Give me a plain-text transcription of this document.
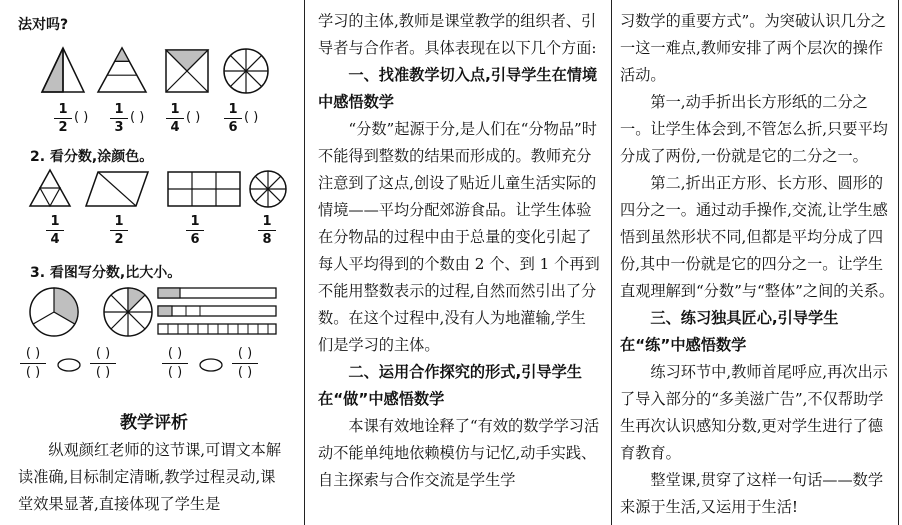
法对吗?
1
2
( )
1
3
( )
1
4
( )
1
6
( )
2. 看分数,涂颜色。
1
4
1
2
1
6
1
8
3. 看图写分数,比大小。
( )
( )
( )
( )
( )
( )
( )
( )
教学评析

纵观颜红老师的这节课,可谓文本解读准确,目标制定清晰,教学过程灵动,课堂效果显著,直接体现了学生是

学习的主体,教师是课堂教学的组织者、引导者与合作者。具体表现在以下几个方面:

一、找准教学切入点,引导学生在情境中感悟数学

“分数”起源于分,是人们在“分物品”时不能得到整数的结果而形成的。教师充分注意到了这点,创设了贴近儿童生活实际的情境——平均分配郊游食品。让学生体验在分物品的过程中由于总量的变化引起了每人平均得到的个数由 2 个、到 1 个再到不能用整数表示的过程,自然而然引出了分数。在这个过程中,没有人为地灌输,学生们是学习的主体。

二、运用合作探究的形式,引导学生在“做”中感悟数学

本课有效地诠释了“有效的数学学习活动不能单纯地依赖模仿与记忆,动手实践、自主探索与合作交流是学生学

习数学的重要方式”。为突破认识几分之一这一难点,教师安排了两个层次的操作活动。

第一,动手折出长方形纸的二分之一。让学生体会到,不管怎么折,只要平均分成了两份,一份就是它的二分之一。

第二,折出正方形、长方形、圆形的四分之一。通过动手操作,交流,让学生感悟到虽然形状不同,但都是平均分成了四份,其中一份就是它的四分之一。让学生直观理解到“分数”与“整体”之间的关系。

三、练习独具匠心,引导学生在“练”中感悟数学

练习环节中,教师首尾呼应,再次出示了导入部分的“多美滋广告”,不仅帮助学生再次认识感知分数,更对学生进行了德育教育。

整堂课,贯穿了这样一句话——数学来源于生活,又运用于生活!
